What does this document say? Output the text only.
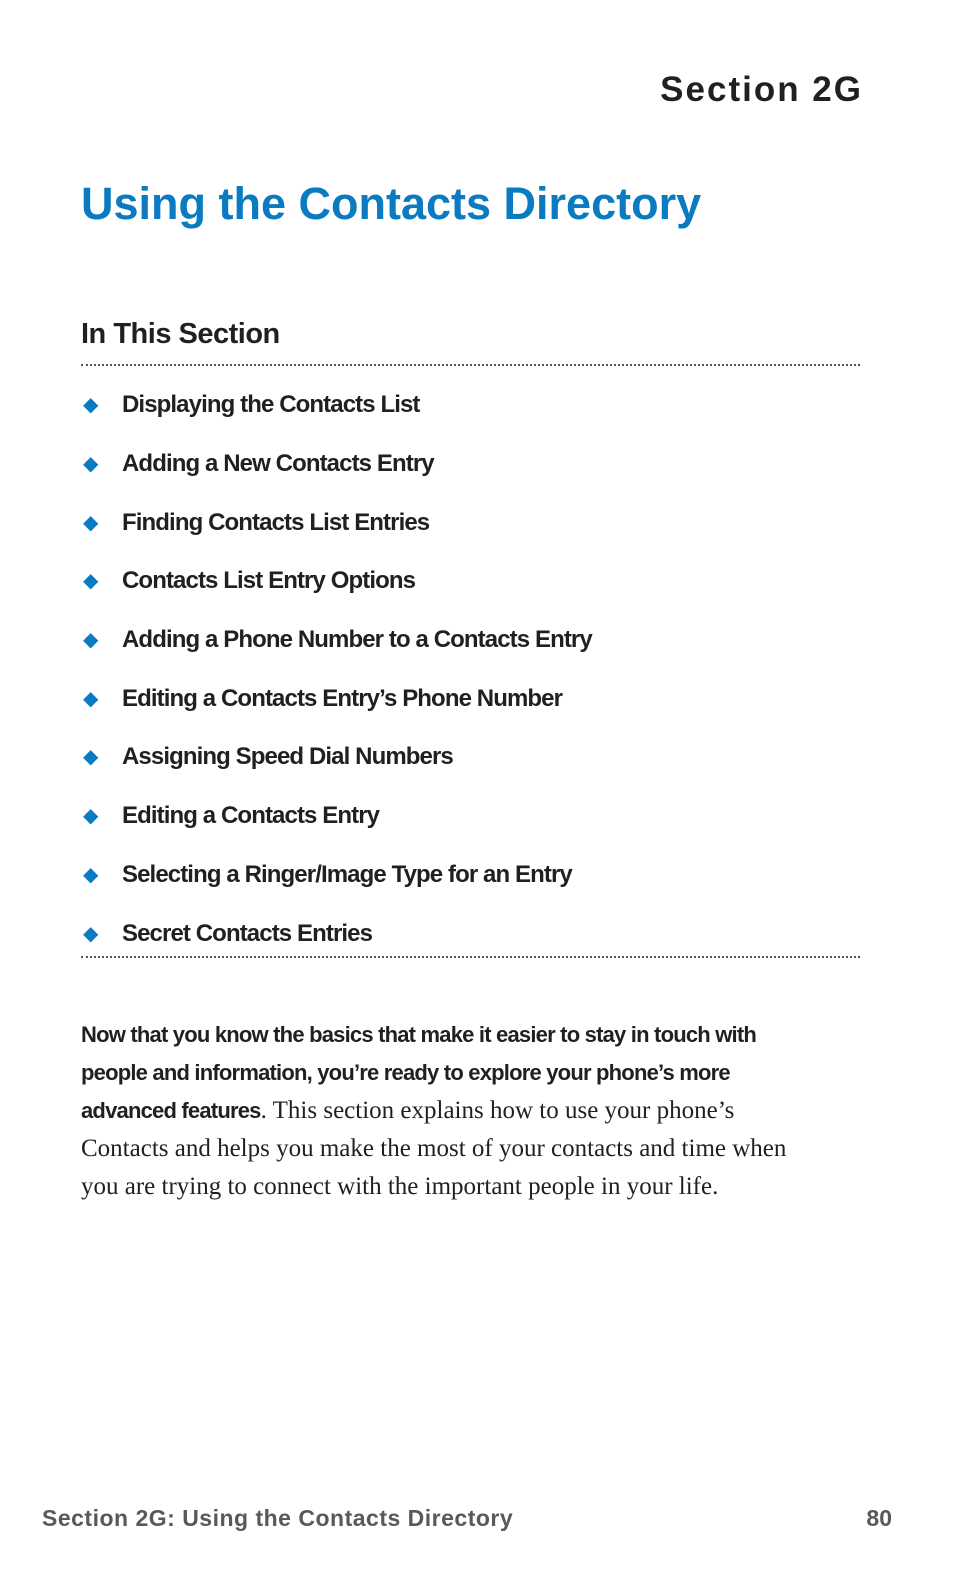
Section 2G
Using the Contacts Directory
In This Section
◆ Displaying the Contacts List
◆ Adding a New Contacts Entry
◆ Finding Contacts List Entries
◆ Contacts List Entry Options
◆ Adding a Phone Number to a Contacts Entry
◆ Editing a Contacts Entry’s Phone Number
◆ Assigning Speed Dial Numbers
◆ Editing a Contacts Entry
◆ Selecting a Ringer/Image Type for an Entry
◆ Secret Contacts Entries

Now that you know the basics that make it easier to stay in touch with people and information, you’re ready to explore your phone’s more advanced features. This section explains how to use your phone’s Contacts and helps you make the most of your contacts and time when you are trying to connect with the important people in your life.

Section 2G: Using the Contacts Directory	80
